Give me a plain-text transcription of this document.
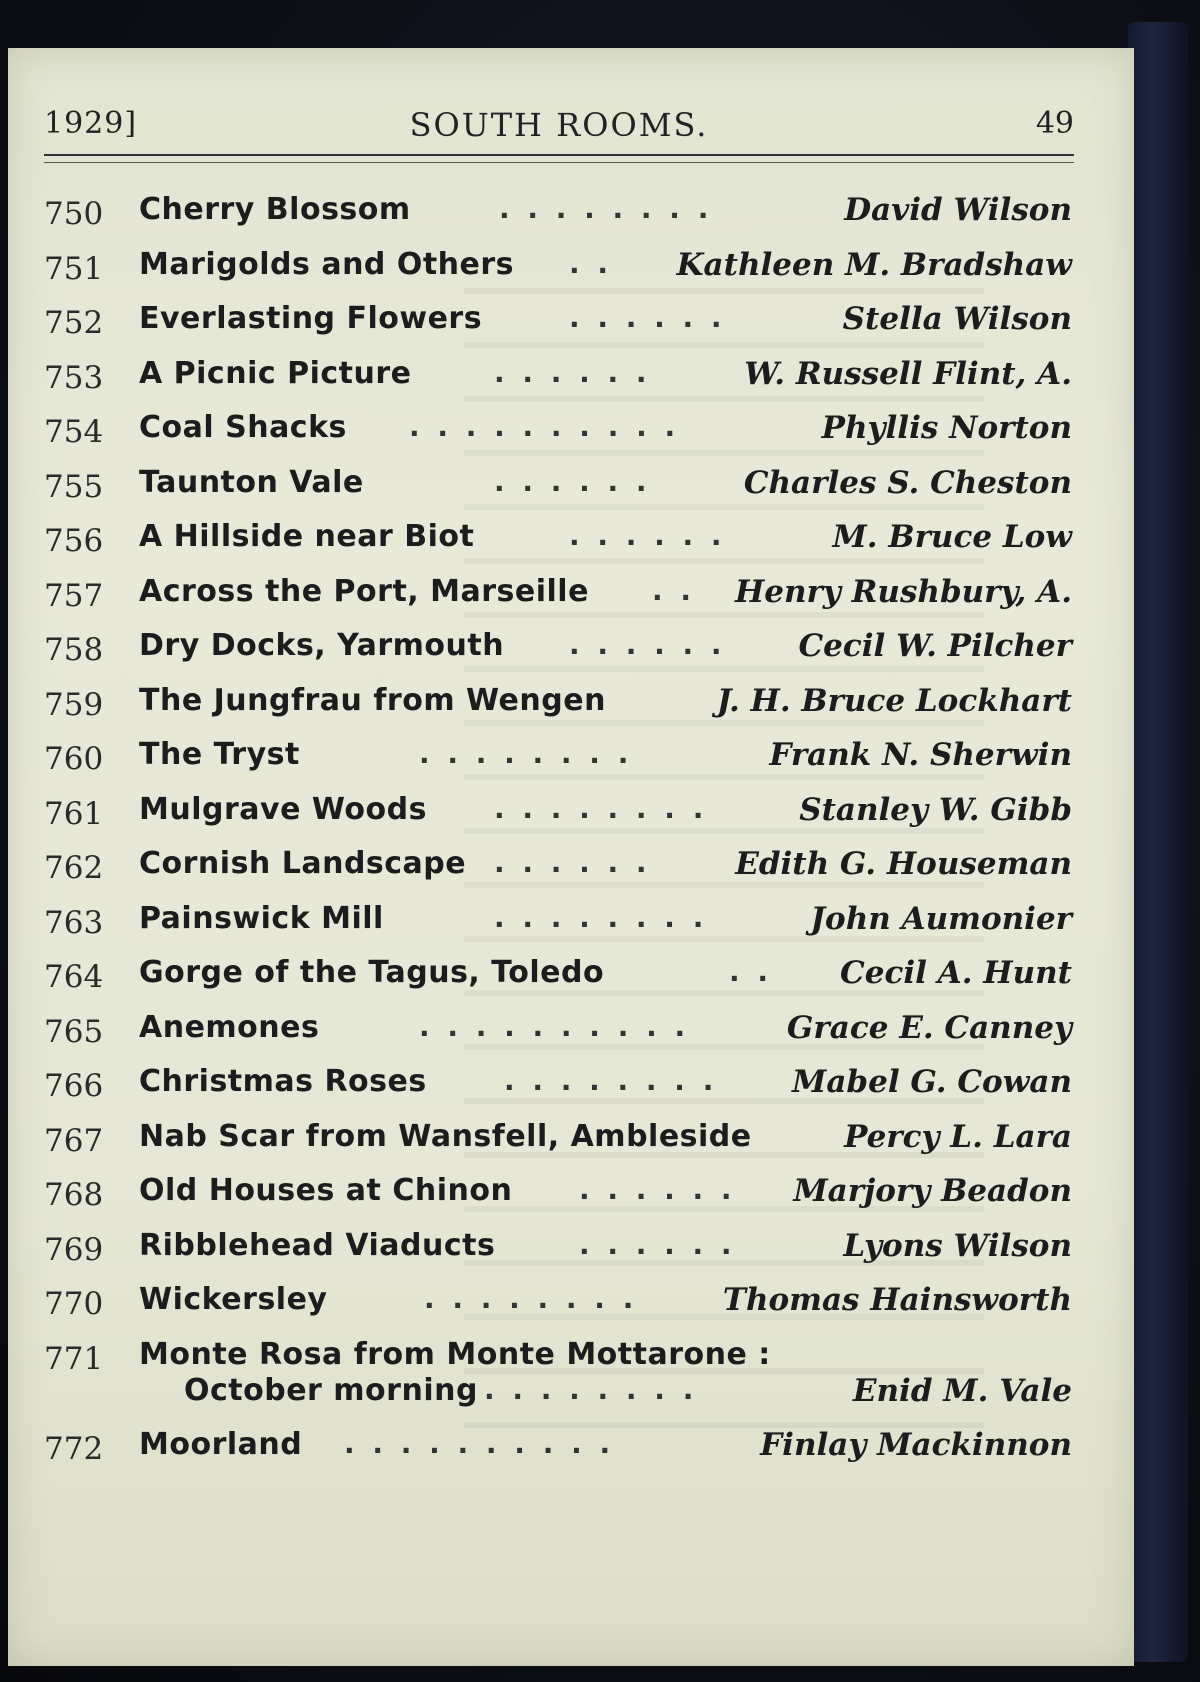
1929]	SOUTH ROOMS.	49
750	Cherry Blossom	. . . . . . . .	David Wilson
751	Marigolds and Others . . Kathleen M. Bradshaw
752	Everlasting Flowers	. . . . . .	Stella Wilson
753	A Picnic Picture	. . . . . .	W. Russell Flint, A.
754	Coal Shacks . . . . . . . . . .	Phyllis Norton
755	Taunton Vale	. . . . . .	Charles S. Cheston
756	A Hillside near Biot	. . . . . .	M. Bruce Low
757	Across the Port, Marseille . . Henry Rushbury, A.
758	Dry Docks, Yarmouth . . . . . . Cecil W. Pilcher
759	The Jungfrau from Wengen	J. H. Bruce Lockhart
760	The Tryst	. . . . . . . .	Frank N. Sherwin
761	Mulgrave Woods . . . . . . . .	Stanley W. Gibb
762	Cornish Landscape . . . . . .	Edith G. Houseman
763	Painswick Mill	. . . . . . . .	John Aumonier
764	Gorge of the Tagus, Toledo	. . Cecil A. Hunt
765	Anemones	. . . . . . . . . .	Grace E. Canney
766	Christmas Roses	. . . . . . . . Mabel G. Cowan
767	Nab Scar from Wansfell, Ambleside	Percy L. Lara
768	Old Houses at Chinon . . . . . . Marjory Beadon
769	Ribblehead Viaducts	. . . . . .	Lyons Wilson
770	Wickersley	. . . . . . . .	Thomas Hainsworth
771	Monte Rosa from Monte Mottarone :
October morning . . . . . . . .	Enid M. Vale
772	Moorland . . . . . . . . . .	Finlay Mackinnon
